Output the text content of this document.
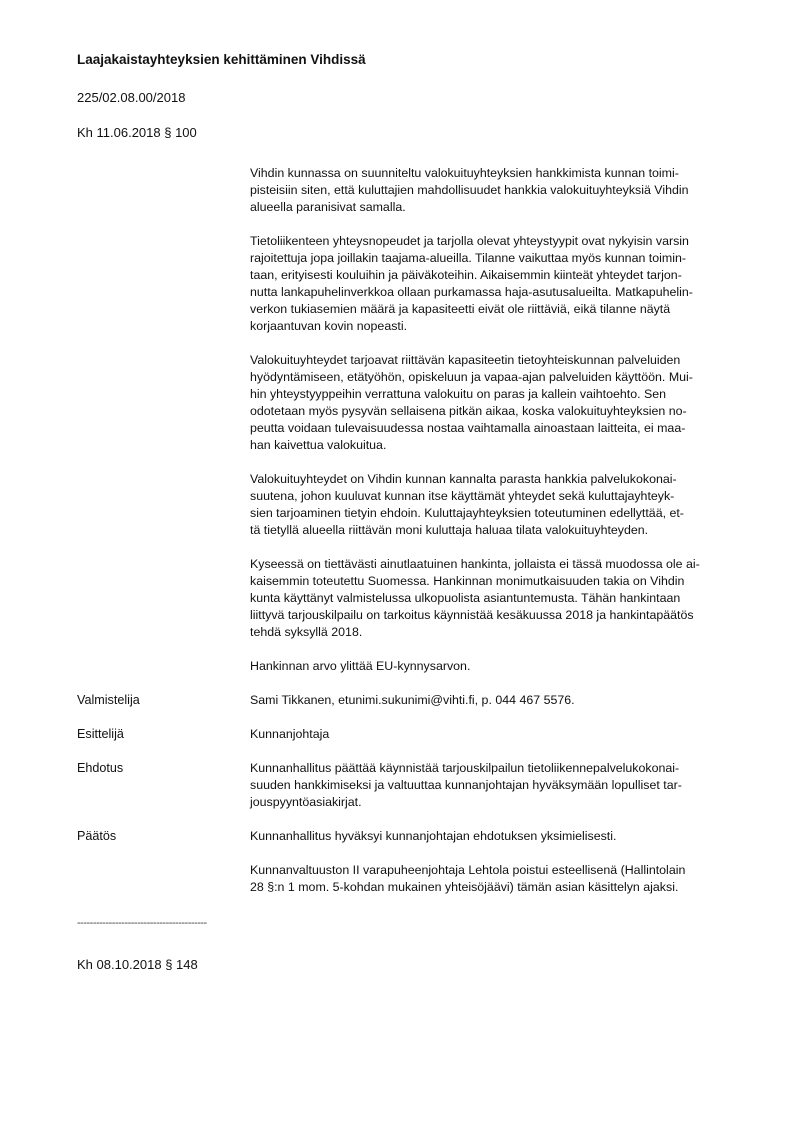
Laajakaistayhteyksien kehittäminen Vihdissä
225/02.08.00/2018
Kh 11.06.2018 § 100

Vihdin kunnassa on suunniteltu valokuituyhteyksien hankkimista kunnan toimi-
pisteisiin siten, että kuluttajien mahdollisuudet hankkia valokuituyhteyksiä Vihdin
alueella paranisivat samalla.

Tietoliikenteen yhteysnopeudet ja tarjolla olevat yhteystyypit ovat nykyisin varsin
rajoitettuja jopa joillakin taajama-alueilla. Tilanne vaikuttaa myös kunnan toimin-
taan, erityisesti kouluihin ja päiväkoteihin. Aikaisemmin kiinteät yhteydet tarjon-
nutta lankapuhelinverkkoa ollaan purkamassa haja-asutusalueilta. Matkapuhelin-
verkon tukiasemien määrä ja kapasiteetti eivät ole riittäviä, eikä tilanne näytä
korjaantuvan kovin nopeasti.

Valokuituyhteydet tarjoavat riittävän kapasiteetin tietoyhteiskunnan palveluiden
hyödyntämiseen, etätyöhön, opiskeluun ja vapaa-ajan palveluiden käyttöön. Mui-
hin yhteystyyppeihin verrattuna valokuitu on paras ja kallein vaihtoehto. Sen
odotetaan myös pysyvän sellaisena pitkän aikaa, koska valokuituyhteyksien no-
peutta voidaan tulevaisuudessa nostaa vaihtamalla ainoastaan laitteita, ei maa-
han kaivettua valokuitua.

Valokuituyhteydet on Vihdin kunnan kannalta parasta hankkia palvelukokonai-
suutena, johon kuuluvat kunnan itse käyttämät yhteydet sekä kuluttajayhteyk-
sien tarjoaminen tietyin ehdoin. Kuluttajayhteyksien toteutuminen edellyttää, et-
tä tietyllä alueella riittävän moni kuluttaja haluaa tilata valokuituyhteyden.

Kyseessä on tiettävästi ainutlaatuinen hankinta, jollaista ei tässä muodossa ole ai-
kaisemmin toteutettu Suomessa. Hankinnan monimutkaisuuden takia on Vihdin
kunta käyttänyt valmistelussa ulkopuolista asiantuntemusta. Tähän hankintaan
liittyvä tarjouskilpailu on tarkoitus käynnistää kesäkuussa 2018 ja hankintapäätös
tehdä syksyllä 2018.

Hankinnan arvo ylittää EU-kynnysarvon.

Valmistelija	Sami Tikkanen, etunimi.sukunimi@vihti.fi, p. 044 467 5576.
Esittelijä	Kunnanjohtaja
Ehdotus	Kunnanhallitus päättää käynnistää tarjouskilpailun tietoliikennepalvelukokonai-
suuden hankkimiseksi ja valtuuttaa kunnanjohtajan hyväksymään lopulliset tar-
jouspyyntöasiakirjat.
Päätös	Kunnanhallitus hyväksyi kunnanjohtajan ehdotuksen yksimielisesti.
Kunnanvaltuuston II varapuheenjohtaja Lehtola poistui esteellisenä (Hallintolain
28 §:n 1 mom. 5-kohdan mukainen yhteisöjäävi) tämän asian käsittelyn ajaksi.
-----------------------------------------
Kh 08.10.2018 § 148
